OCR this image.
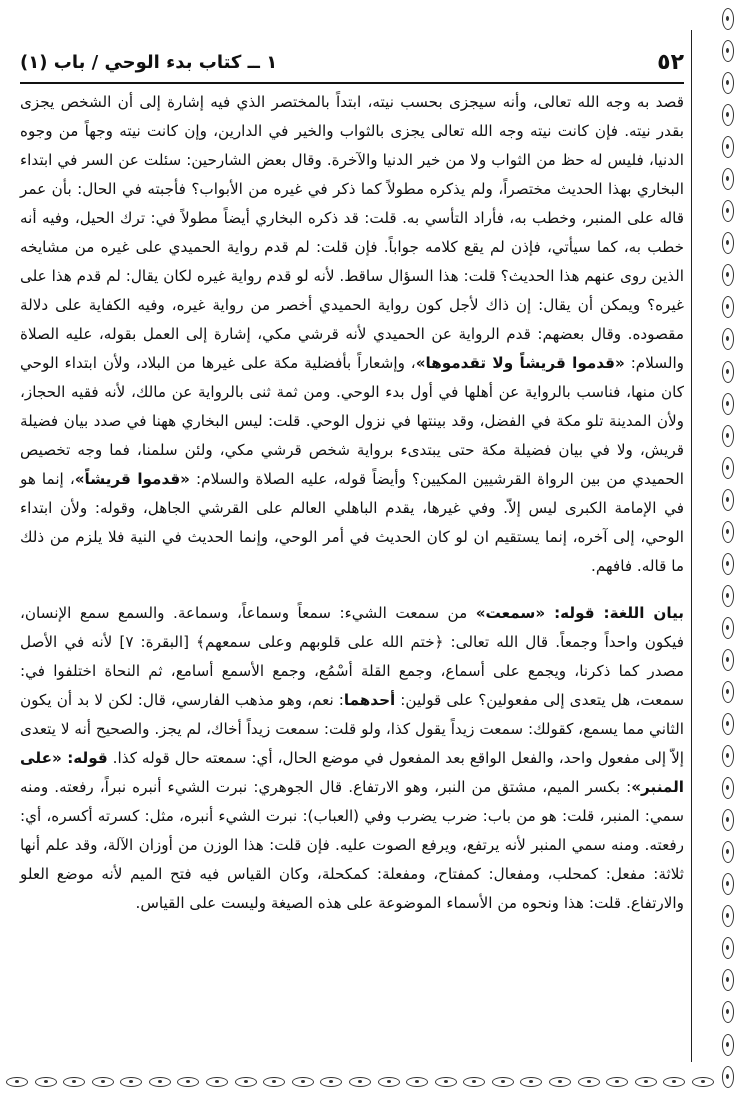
٥٢
١ ــ كتاب بدء الوحي / باب (١)

قصد به وجه الله تعالى، وأنه سيجزى بحسب نيته، ابتداً بالمختصر الذي فيه إشارة إلى أن الشخص يجزى بقدر نيته. فإن كانت نيته وجه الله تعالى يجزى بالثواب والخير في الدارين، وإن كانت نيته وجهاً من وجوه الدنيا، فليس له حظ من الثواب ولا من خير الدنيا والآخرة. وقال بعض الشارحين: سئلت عن السر في ابتداء البخاري بهذا الحديث مختصراً، ولم يذكره مطولاً كما ذكر في غيره من الأبواب؟ فأجبته في الحال: بأن عمر قاله على المنبر، وخطب به، فأراد التأسي به. قلت: قد ذكره البخاري أيضاً مطولاً في: ترك الحيل، وفيه أنه خطب به، كما سيأتي، فإذن لم يقع كلامه جواباً. فإن قلت: لم قدم رواية الحميدي على غيره من مشايخه الذين روى عنهم هذا الحديث؟ قلت: هذا السؤال ساقط. لأنه لو قدم رواية غيره لكان يقال: لم قدم هذا على غيره؟ ويمكن أن يقال: إن ذاك لأجل كون رواية الحميدي أخصر من رواية غيره، وفيه الكفاية على دلالة مقصوده. وقال بعضهم: قدم الرواية عن الحميدي لأنه قرشي مكي، إشارة إلى العمل بقوله، عليه الصلاة والسلام: «قدموا قريشاً ولا تقدموها»، وإشعاراً بأفضلية مكة على غيرها من البلاد، ولأن ابتداء الوحي كان منها، فناسب بالرواية عن أهلها في أول بدء الوحي. ومن ثمة ثنى بالرواية عن مالك، لأنه فقيه الحجاز، ولأن المدينة تلو مكة في الفضل، وقد بينتها في نزول الوحي. قلت: ليس البخاري ههنا في صدد بيان فضيلة قريش، ولا في بيان فضيلة مكة حتى يبتدىء برواية شخص قرشي مكي، ولئن سلمنا، فما وجه تخصيص الحميدي من بين الرواة القرشيين المكيين؟ وأيضاً قوله، عليه الصلاة والسلام: «قدموا قريشاً»، إنما هو في الإمامة الكبرى ليس إلاّ. وفي غيرها، يقدم الباهلي العالم على القرشي الجاهل، وقوله: ولأن ابتداء الوحي، إلى آخره، إنما يستقيم ان لو كان الحديث في أمر الوحي، وإنما الحديث في النية فلا يلزم من ذلك ما قاله. فافهم.

بيان اللغة: قوله: «سمعت» من سمعت الشيء: سمعاً وسماعاً، وسماعة. والسمع سمع الإنسان، فيكون واحداً وجمعاً. قال الله تعالى: ﴿ختم الله على قلوبهم وعلى سمعهم﴾ [البقرة: ٧] لأنه في الأصل مصدر كما ذكرنا، ويجمع على أسماع، وجمع القلة أسْمُع، وجمع الأسمع أسامع، ثم النحاة اختلفوا في: سمعت، هل يتعدى إلى مفعولين؟ على قولين: أحدهما: نعم، وهو مذهب الفارسي، قال: لكن لا بد أن يكون الثاني مما يسمع، كقولك: سمعت زيداً يقول كذا، ولو قلت: سمعت زيداً أخاك، لم يجز. والصحيح أنه لا يتعدى إلاّ إلى مفعول واحد، والفعل الواقع بعد المفعول في موضع الحال، أي: سمعته حال قوله كذا. قوله: «على المنبر»: بكسر الميم، مشتق من النبر، وهو الارتفاع. قال الجوهري: نبرت الشيء أنبره نبراً، رفعته. ومنه سمي: المنبر، قلت: هو من باب: ضرب يضرب وفي (العباب): نبرت الشيء أنبره، مثل: كسرته أكسره، أي: رفعته. ومنه سمي المنبر لأنه يرتفع، ويرفع الصوت عليه. فإن قلت: هذا الوزن من أوزان الآلة، وقد علم أنها ثلاثة: مفعل: كمحلب، ومفعال: كمفتاح، ومفعلة: كمكحلة، وكان القياس فيه فتح الميم لأنه موضع العلو والارتفاع. قلت: هذا ونحوه من الأسماء الموضوعة على هذه الصيغة وليست على القياس.
